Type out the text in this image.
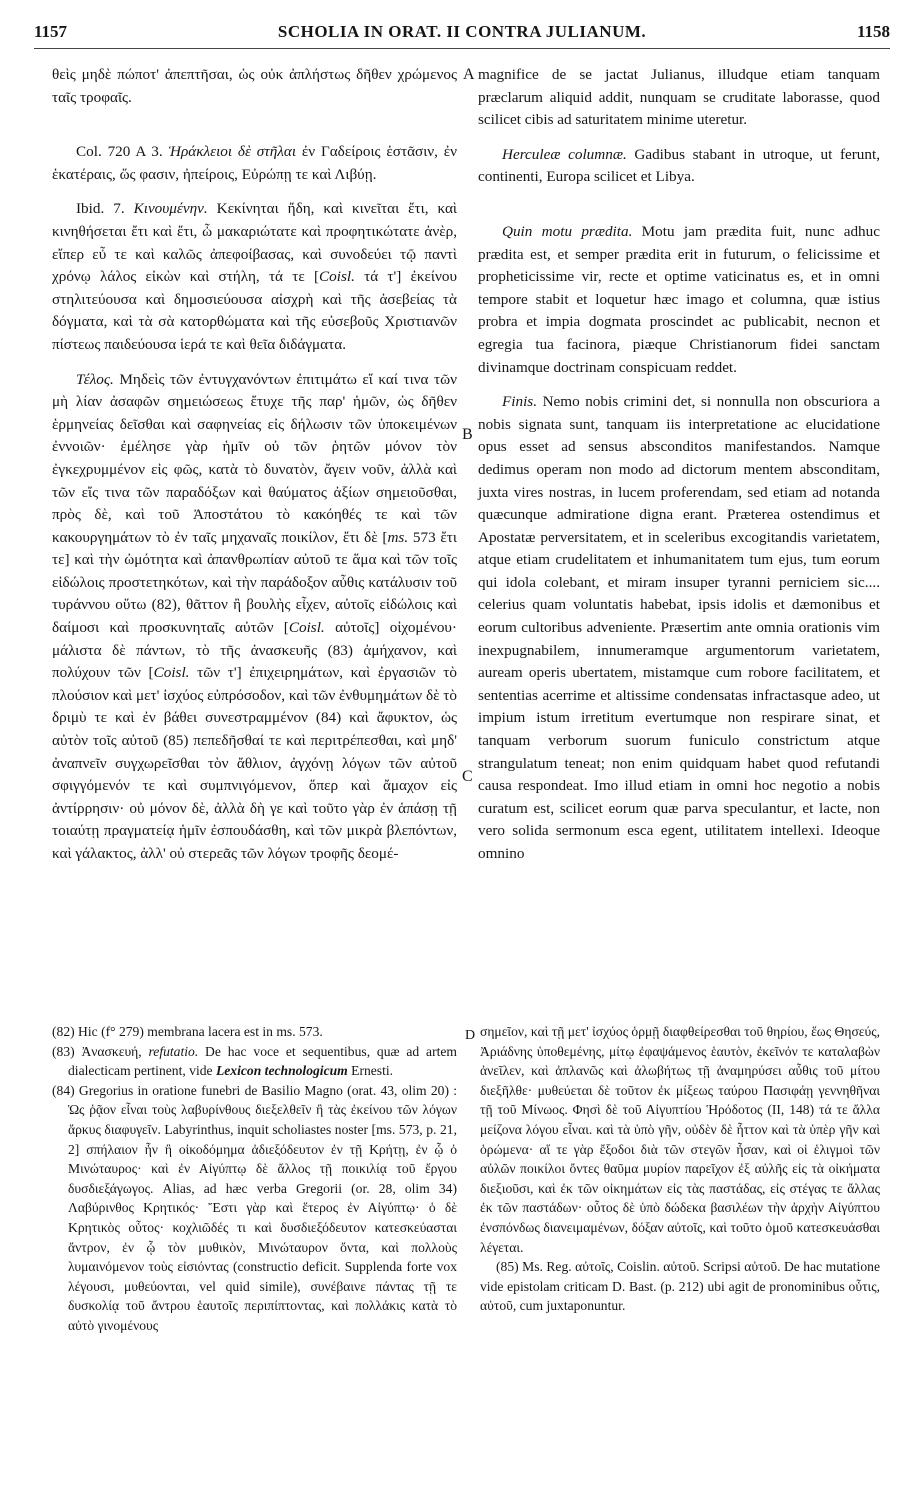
1157	SCHOLIA IN ORAT. II CONTRA JULIANUM.	1158
A
B
C
D

θεὶς μηδὲ πώποτ' ἀπεπτῆσαι, ὡς οὐκ ἀπλήστως δῆθεν χρώμενος ταῖς τροφαῖς.

Col. 720 A 3. Ἡράκλειοι δὲ στῆλαι ἐν Γαδείροις ἑστᾶσιν, ἐν ἑκατέραις, ὥς φασιν, ἠπείροις, Εὐρώπῃ τε καὶ Λιβύῃ.

Ibid. 7. Κινουμένην. Κεκίνηται ἤδη, καὶ κινεῖται ἔτι, καὶ κινηθήσεται ἔτι καὶ ἔτι, ὦ μακαριώτατε καὶ προφητικώτατε ἀνὲρ, εἴπερ εὖ τε καὶ καλῶς ἀπεφοίβασας, καὶ συνοδεύει τῷ παντὶ χρόνῳ λάλος εἰκὼν καὶ στήλη, τά τε [Coisl. τά τ'] ἐκείνου στηλιτεύουσα καὶ δημοσιεύουσα αἰσχρὴ καὶ τῆς ἀσεβείας τὰ δόγματα, καὶ τὰ σὰ κατορθώματα καὶ τῆς εὐσεβοῦς Χριστιανῶν πίστεως παιδεύουσα ἱερά τε καὶ θεῖα διδάγματα.

Τέλος. Μηδεὶς τῶν ἐντυγχανόντων ἐπιτιμάτω εἴ καί τινα τῶν μὴ λίαν ἀσαφῶν σημειώσεως ἔτυχε τῆς παρ' ἡμῶν, ὡς δῆθεν ἑρμηνείας δεῖσθαι καὶ σαφηνείας εἰς δήλωσιν τῶν ὑποκειμένων ἐννοιῶν· ἐμέλησε γὰρ ἡμῖν οὐ τῶν ῥητῶν μόνον τὸν ἐγκεχρυμμένον εἰς φῶς, κατὰ τὸ δυνατὸν, ἄγειν νοῦν, ἀλλὰ καὶ τῶν εἴς τινα τῶν παραδόξων καὶ θαύματος ἀξίων σημειοῦσθαι, πρὸς δὲ, καὶ τοῦ Ἀποστάτου τὸ κακόηθές τε καὶ τῶν κακουργημάτων τὸ ἐν ταῖς μηχαναῖς ποικίλον, ἔτι δὲ [ms. 573 ἔτι τε] καὶ τὴν ὠμότητα καὶ ἀπανθρωπίαν αὐτοῦ τε ἅμα καὶ τῶν τοῖς εἰδώλοις προστετηκότων, καὶ τὴν παράδοξον αὖθις κατάλυσιν τοῦ τυράννου οὕτω (82), θᾶττον ἢ βουλὴς εἶχεν, αὐτοῖς εἰδώλοις καὶ δαίμοσι καὶ προσκυνηταῖς αὐτῶν [Coisl. αὐτοῖς] οἰχομένου· μάλιστα δὲ πάντων, τὸ τῆς ἀνασκευῆς (83) ἀμήχανον, καὶ πολύχουν τῶν [Coisl. τῶν τ'] ἐπιχειρημάτων, καὶ ἐργασιῶν τὸ πλούσιον καὶ μετ' ἰσχύος εὐπρόσοδον, καὶ τῶν ἐνθυμημάτων δὲ τὸ δριμὺ τε καὶ ἐν βάθει συνεστραμμένον (84) καὶ ἄφυκτον, ὡς αὐτὸν τοῖς αὐτοῦ (85) πεπεδῆσθαί τε καὶ περιτρέπεσθαι, καὶ μηδ' ἀναπνεῖν συγχωρεῖσθαι τὸν ἄθλιον, ἀγχόνῃ λόγων τῶν αὐτοῦ σφιγγόμενόν τε καὶ συμπνιγόμενον, ὅπερ καὶ ἄμαχον εἰς ἀντίρρησιν· οὐ μόνον δὲ, ἀλλὰ δὴ γε καὶ τοῦτο γὰρ ἐν ἁπάσῃ τῇ τοιαύτῃ πραγματείᾳ ἡμῖν ἐσπουδάσθη, καὶ τῶν μικρὰ βλεπόντων, καὶ γάλακτος, ἀλλ' οὐ στερεᾶς τῶν λόγων τροφῆς δεομέ-

magnifice de se jactat Julianus, illudque etiam tanquam præclarum aliquid addit, nunquam se cruditate laborasse, quod scilicet cibis ad saturitatem minime uteretur.

Herculeæ columnæ. Gadibus stabant in utroque, ut ferunt, continenti, Europa scilicet et Libya.

Quin motu prædita. Motu jam prædita fuit, nunc adhuc prædita est, et semper prædita erit in futurum, o felicissime et propheticissime vir, recte et optime vaticinatus es, et in omni tempore stabit et loquetur hæc imago et columna, quæ istius probra et impia dogmata proscindet ac publicabit, necnon et egregia tua facinora, piæque Christianorum fidei sanctam divinamque doctrinam conspicuam reddet.

Finis. Nemo nobis crimini det, si nonnulla non obscuriora a nobis signata sunt, tanquam iis interpretatione ac elucidatione opus esset ad sensus absconditos manifestandos. Namque dedimus operam non modo ad dictorum mentem absconditam, juxta vires nostras, in lucem proferendam, sed etiam ad notanda quæcunque admiratione digna erant. Præterea ostendimus et Apostatæ perversitatem, et in sceleribus excogitandis varietatem, atque etiam crudelitatem et inhumanitatem tum ejus, tum eorum qui idola colebant, et miram insuper tyranni perniciem sic.... celerius quam voluntatis habebat, ipsis idolis et dæmonibus et eorum cultoribus adveniente. Præsertim ante omnia orationis vim inexpugnabilem, innumeramque argumentorum varietatem, auream operis ubertatem, mistamque cum robore facilitatem, et sententias acerrime et altissime condensatas infractasque adeo, ut impium istum irretitum evertumque non respirare sinat, et tanquam verborum suorum funiculo constrictum atque strangulatum teneat; non enim quidquam habet quod refutandi causa respondeat. Imo illud etiam in omni hoc negotio a nobis curatum est, scilicet eorum quæ parva speculantur, et lacte, non vero solida sermonum esca egent, utilitatem intellexi. Ideoque omnino

(82) Hic (f° 279) membrana lacera est in ms. 573.

(83) Ἀνασκευή, refutatio. De hac voce et sequentibus, quæ ad artem dialecticam pertinent, vide Lexicon technologicum Ernesti.

(84) Gregorius in oratione funebri de Basilio Magno (orat. 43, olim 20) : Ὡς ῥᾷον εἶναι τοὺς λαβυρίνθους διεξελθεῖν ἢ τὰς ἐκείνου τῶν λόγων ἄρκυς διαφυγεῖν. Labyrinthus, inquit scholiastes noster [ms. 573, p. 21, 2] σπήλαιον ἦν ἢ οἰκοδόμημα ἀδιεξόδευτον ἐν τῇ Κρήτῃ, ἐν ᾧ ὁ Μινώταυρος· καὶ ἐν Αἰγύπτῳ δὲ ἄλλος τῇ ποικιλίᾳ τοῦ ἔργου δυσδιεξάγωγος. Alias, ad hæc verba Gregorii (or. 28, olim 34) Λαβύρινθος Κρητικός· Ἔστι γὰρ καὶ ἕτερος ἐν Αἰγύπτῳ· ὁ δὲ Κρητικὸς οὗτος· κοχλιῶδές τι καὶ δυσδιεξόδευτον κατεσκεύασται ἄντρον, ἐν ᾧ τὸν μυθικὸν, Μινώταυρον ὄντα, καὶ πολλοὺς λυμαινόμενον τοὺς εἰσιόντας (constructio deficit. Supplenda forte vox λέγουσι, μυθεύονται, vel quid simile), συνέβαινε πάντας τῇ τε δυσκολίᾳ τοῦ ἄντρου ἑαυτοῖς περιπίπτοντας, καὶ πολλάκις κατὰ τὸ αὐτὸ γινομένους

σημεῖον, καὶ τῇ μετ' ἰσχύος ὁρμῇ διαφθείρεσθαι τοῦ θηρίου, ἕως Θησεύς, Ἀριάδνης ὑποθεμένης, μίτῳ ἐφαψάμενος ἑαυτὸν, ἐκεῖνόν τε καταλαβὼν ἀνεῖλεν, καὶ ἀπλανῶς καὶ ἀλωβήτως τῇ ἀναμηρύσει αὖθις τοῦ μίτου διεξῆλθε· μυθεύεται δὲ τοῦτον ἐκ μίξεως ταύρου Πασιφάῃ γεννηθῆναι τῇ τοῦ Μίνωος. Φησὶ δὲ τοῦ Αἰγυπτίου Ἡρόδοτος (II, 148) τά τε ἄλλα μείζονα λόγου εἶναι. καὶ τὰ ὑπὸ γῆν, οὐδὲν δὲ ἧττον καὶ τὰ ὑπὲρ γῆν καὶ ὁρώμενα· αἵ τε γὰρ ἔξοδοι διὰ τῶν στεγῶν ἦσαν, καὶ οἱ ἑλιγμοὶ τῶν αὐλῶν ποικίλοι ὄντες θαῦμα μυρίον παρεῖχον ἐξ αὐλῆς εἰς τὰ οἰκήματα διεξιοῦσι, καὶ ἐκ τῶν οἰκημάτων εἰς τὰς παστάδας, εἰς στέγας τε ἄλλας ἐκ τῶν παστάδων· οὗτος δὲ ὑπὸ δώδεκα βασιλέων τὴν ἀρχὴν Αἰγύπτου ἐνσπόνδως διανειμαμένων, δόξαν αὐτοῖς, καὶ τοῦτο ὁμοῦ κατεσκευάσθαι λέγεται.

(85) Ms. Reg. αὐτοῖς, Coislin. αὐτοῦ. Scripsi αὐτοῦ. De hac mutatione vide epistolam criticam D. Bast. (p. 212) ubi agit de pronominibus οὗτις, αὐτοῦ, cum juxtaponuntur.
